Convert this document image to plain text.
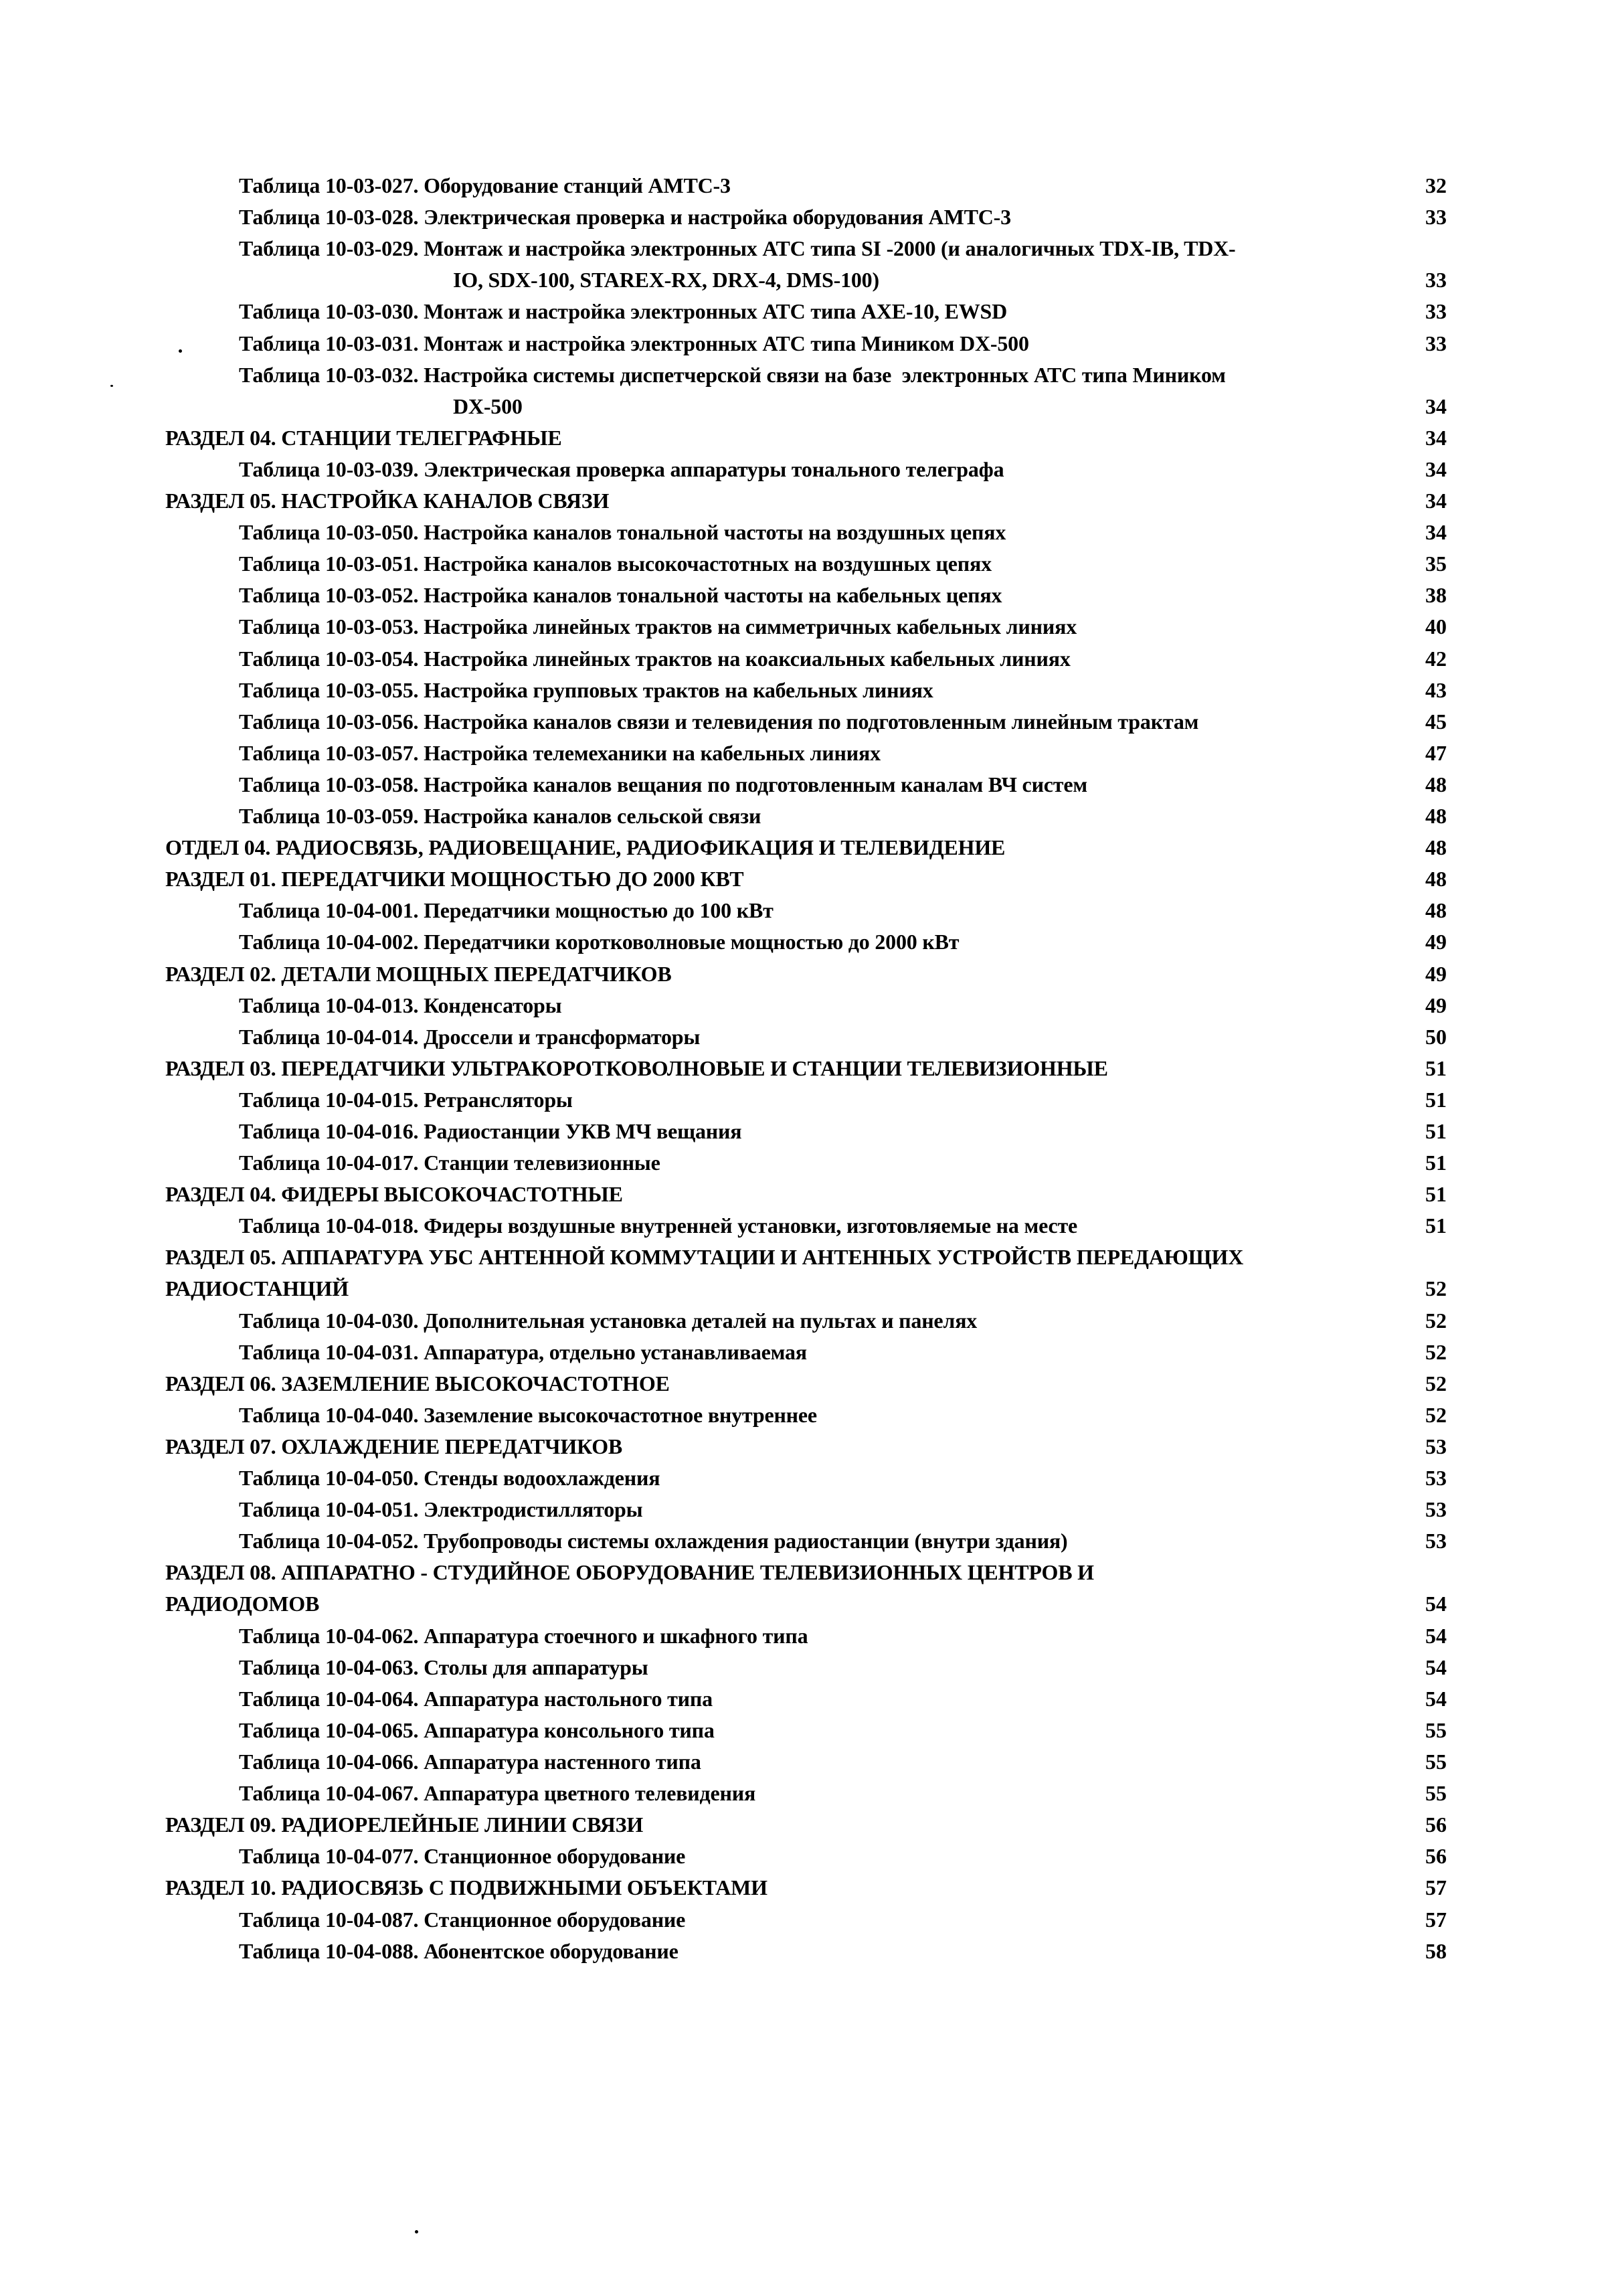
Таблица 10-03-027. Оборудование станций АМТС-3	32
Таблица 10-03-028. Электрическая проверка и настройка оборудования АМТС-3	33
Таблица 10-03-029. Монтаж и настройка электронных АТС типа SI -2000 (и аналогичных TDX-IB, TDX-
IO, SDX-100, STAREX-RX, DRX-4, DMS-100)	33
Таблица 10-03-030. Монтаж и настройка электронных АТС типа АХЕ-10, EWSD	33
Таблица 10-03-031. Монтаж и настройка электронных АТС типа Миником DX-500	33
Таблица 10-03-032. Настройка системы диспетчерской связи на базе  электронных АТС типа Миником
DX-500	34
РАЗДЕЛ 04. СТАНЦИИ ТЕЛЕГРАФНЫЕ	34
Таблица 10-03-039. Электрическая проверка аппаратуры тонального телеграфа	34
РАЗДЕЛ 05. НАСТРОЙКА КАНАЛОВ СВЯЗИ	34
Таблица 10-03-050. Настройка каналов тональной частоты на воздушных цепях	34
Таблица 10-03-051. Настройка каналов высокочастотных на воздушных цепях	35
Таблица 10-03-052. Настройка каналов тональной частоты на кабельных цепях	38
Таблица 10-03-053. Настройка линейных трактов на симметричных кабельных линиях	40
Таблица 10-03-054. Настройка линейных трактов на коаксиальных кабельных линиях	42
Таблица 10-03-055. Настройка групповых трактов на кабельных линиях	43
Таблица 10-03-056. Настройка каналов связи и телевидения по подготовленным линейным трактам	45
Таблица 10-03-057. Настройка телемеханики на кабельных линиях	47
Таблица 10-03-058. Настройка каналов вещания по подготовленным каналам ВЧ систем	48
Таблица 10-03-059. Настройка каналов сельской связи	48
ОТДЕЛ 04. РАДИОСВЯЗЬ, РАДИОВЕЩАНИЕ, РАДИОФИКАЦИЯ И ТЕЛЕВИДЕНИЕ	48
РАЗДЕЛ 01. ПЕРЕДАТЧИКИ МОЩНОСТЬЮ ДО 2000 КВТ	48
Таблица 10-04-001. Передатчики мощностью до 100 кВт	48
Таблица 10-04-002. Передатчики коротковолновые мощностью до 2000 кВт	49
РАЗДЕЛ 02. ДЕТАЛИ МОЩНЫХ ПЕРЕДАТЧИКОВ	49
Таблица 10-04-013. Конденсаторы	49
Таблица 10-04-014. Дроссели и трансформаторы	50
РАЗДЕЛ 03. ПЕРЕДАТЧИКИ УЛЬТРАКОРОТКОВОЛНОВЫЕ И СТАНЦИИ ТЕЛЕВИЗИОННЫЕ	51
Таблица 10-04-015. Ретрансляторы	51
Таблица 10-04-016. Радиостанции УКВ МЧ вещания	51
Таблица 10-04-017. Станции телевизионные	51
РАЗДЕЛ 04. ФИДЕРЫ ВЫСОКОЧАСТОТНЫЕ	51
Таблица 10-04-018. Фидеры воздушные внутренней установки, изготовляемые на месте	51
РАЗДЕЛ 05. АППАРАТУРА УБС АНТЕННОЙ КОММУТАЦИИ И АНТЕННЫХ УСТРОЙСТВ ПЕРЕДАЮЩИХ
РАДИОСТАНЦИЙ	52
Таблица 10-04-030. Дополнительная установка деталей на пультах и панелях	52
Таблица 10-04-031. Аппаратура, отдельно устанавливаемая	52
РАЗДЕЛ 06. ЗАЗЕМЛЕНИЕ ВЫСОКОЧАСТОТНОЕ	52
Таблица 10-04-040. Заземление высокочастотное внутреннее	52
РАЗДЕЛ 07. ОХЛАЖДЕНИЕ ПЕРЕДАТЧИКОВ	53
Таблица 10-04-050. Стенды водоохлаждения	53
Таблица 10-04-051. Электродистилляторы	53
Таблица 10-04-052. Трубопроводы системы охлаждения радиостанции (внутри здания)	53
РАЗДЕЛ 08. АППАРАТНО - СТУДИЙНОЕ ОБОРУДОВАНИЕ ТЕЛЕВИЗИОННЫХ ЦЕНТРОВ И
РАДИОДОМОВ	54
Таблица 10-04-062. Аппаратура стоечного и шкафного типа	54
Таблица 10-04-063. Столы для аппаратуры	54
Таблица 10-04-064. Аппаратура настольного типа	54
Таблица 10-04-065. Аппаратура консольного типа	55
Таблица 10-04-066. Аппаратура настенного типа	55
Таблица 10-04-067. Аппаратура цветного телевидения	55
РАЗДЕЛ 09. РАДИОРЕЛЕЙНЫЕ ЛИНИИ СВЯЗИ	56
Таблица 10-04-077. Станционное оборудование	56
РАЗДЕЛ 10. РАДИОСВЯЗЬ С ПОДВИЖНЫМИ ОБЪЕКТАМИ	57
Таблица 10-04-087. Станционное оборудование	57
Таблица 10-04-088. Абонентское оборудование	58
